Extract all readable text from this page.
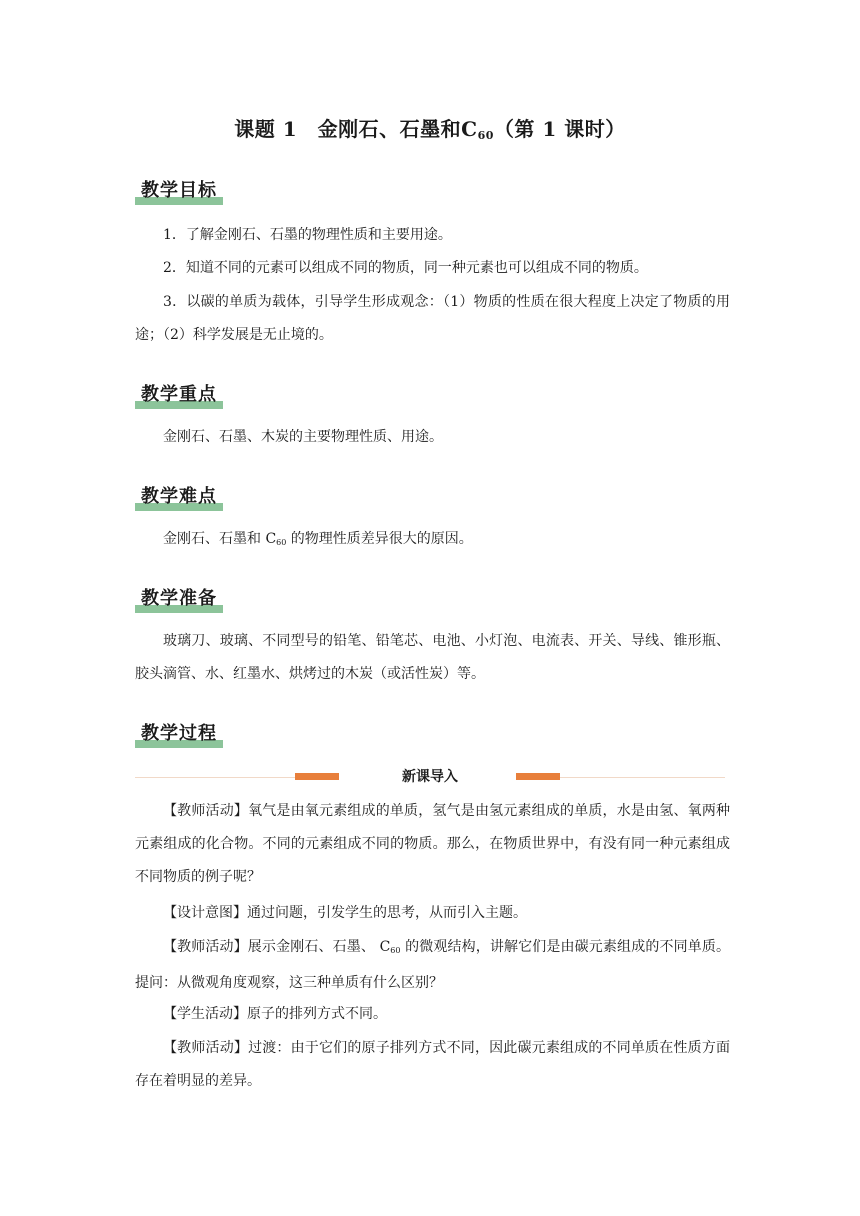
课题 1　金刚石、石墨和$C_{60}$（第 1 课时）
教学目标
1．了解金刚石、石墨的物理性质和主要用途。
2．知道不同的元素可以组成不同的物质，同一种元素也可以组成不同的物质。
3．以碳的单质为载体，引导学生形成观念：（1）物质的性质在很大程度上决定了物质的用途；（2）科学发展是无止境的。
教学重点
金刚石、石墨、木炭的主要物理性质、用途。
教学难点
金刚石、石墨和 $C_{60}$ 的物理性质差异很大的原因。
教学准备
玻璃刀、玻璃、不同型号的铅笔、铅笔芯、电池、小灯泡、电流表、开关、导线、锥形瓶、胶头滴管、水、红墨水、烘烤过的木炭（或活性炭）等。
教学过程
新课导入
【教师活动】氧气是由氧元素组成的单质，氢气是由氢元素组成的单质，水是由氢、氧两种元素组成的化合物。不同的元素组成不同的物质。那么，在物质世界中，有没有同一种元素组成不同物质的例子呢？
【设计意图】通过问题，引发学生的思考，从而引入主题。
【教师活动】展示金刚石、石墨、 $C_{60}$ 的微观结构，讲解它们是由碳元素组成的不同单质。提问：从微观角度观察，这三种单质有什么区别？
【学生活动】原子的排列方式不同。
【教师活动】过渡：由于它们的原子排列方式不同，因此碳元素组成的不同单质在性质方面存在着明显的差异。
